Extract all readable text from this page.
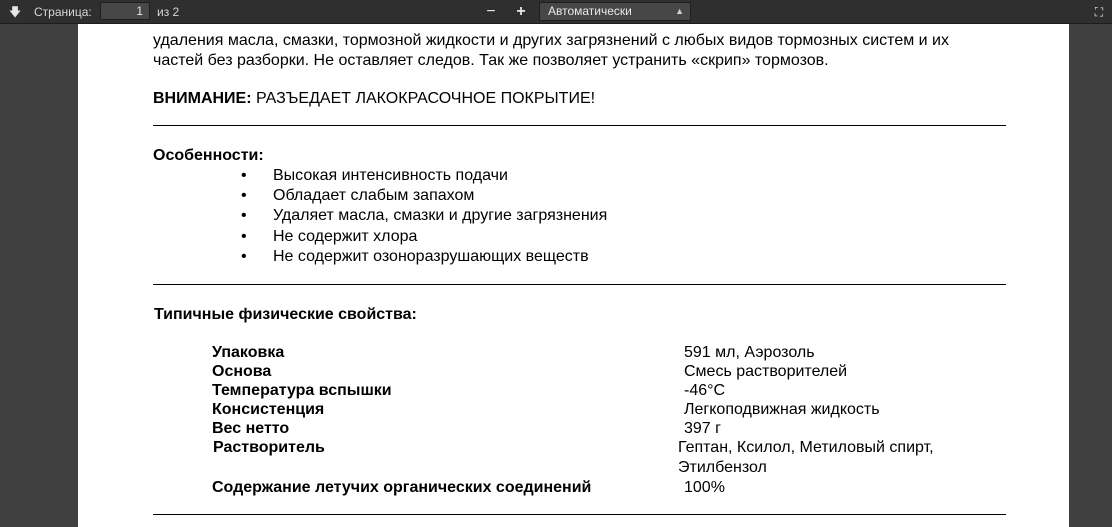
🡇	Страница:
1	из 2	−	+	Автоматически	▲	⛶
удаления масла, смазки, тормозной жидкости и других загрязнений с любых видов тормозных систем и их
частей без разборки. Не оставляет следов. Так же позволяет устранить «скрип» тормозов.
ВНИМАНИЕ: РАЗЪЕДАЕТ ЛАКОКРАСОЧНОЕ ПОКРЫТИЕ!
Особенности:
• Высокая интенсивность подачи
• Обладает слабым запахом
• Удаляет масла, смазки и другие загрязнения
• Не содержит хлора
• Не содержит озоноразрушающих веществ
Типичные физические свойства:
Упаковка	591 мл, Аэрозоль
Основа	Смесь растворителей
Температура вспышки	-46°C
Консистенция	Легкоподвижная жидкость
Вес нетто	397 г
Растворитель	Гептан, Ксилол, Метиловый спирт,
Этилбензол
Содержание летучих органических соединений	100%
